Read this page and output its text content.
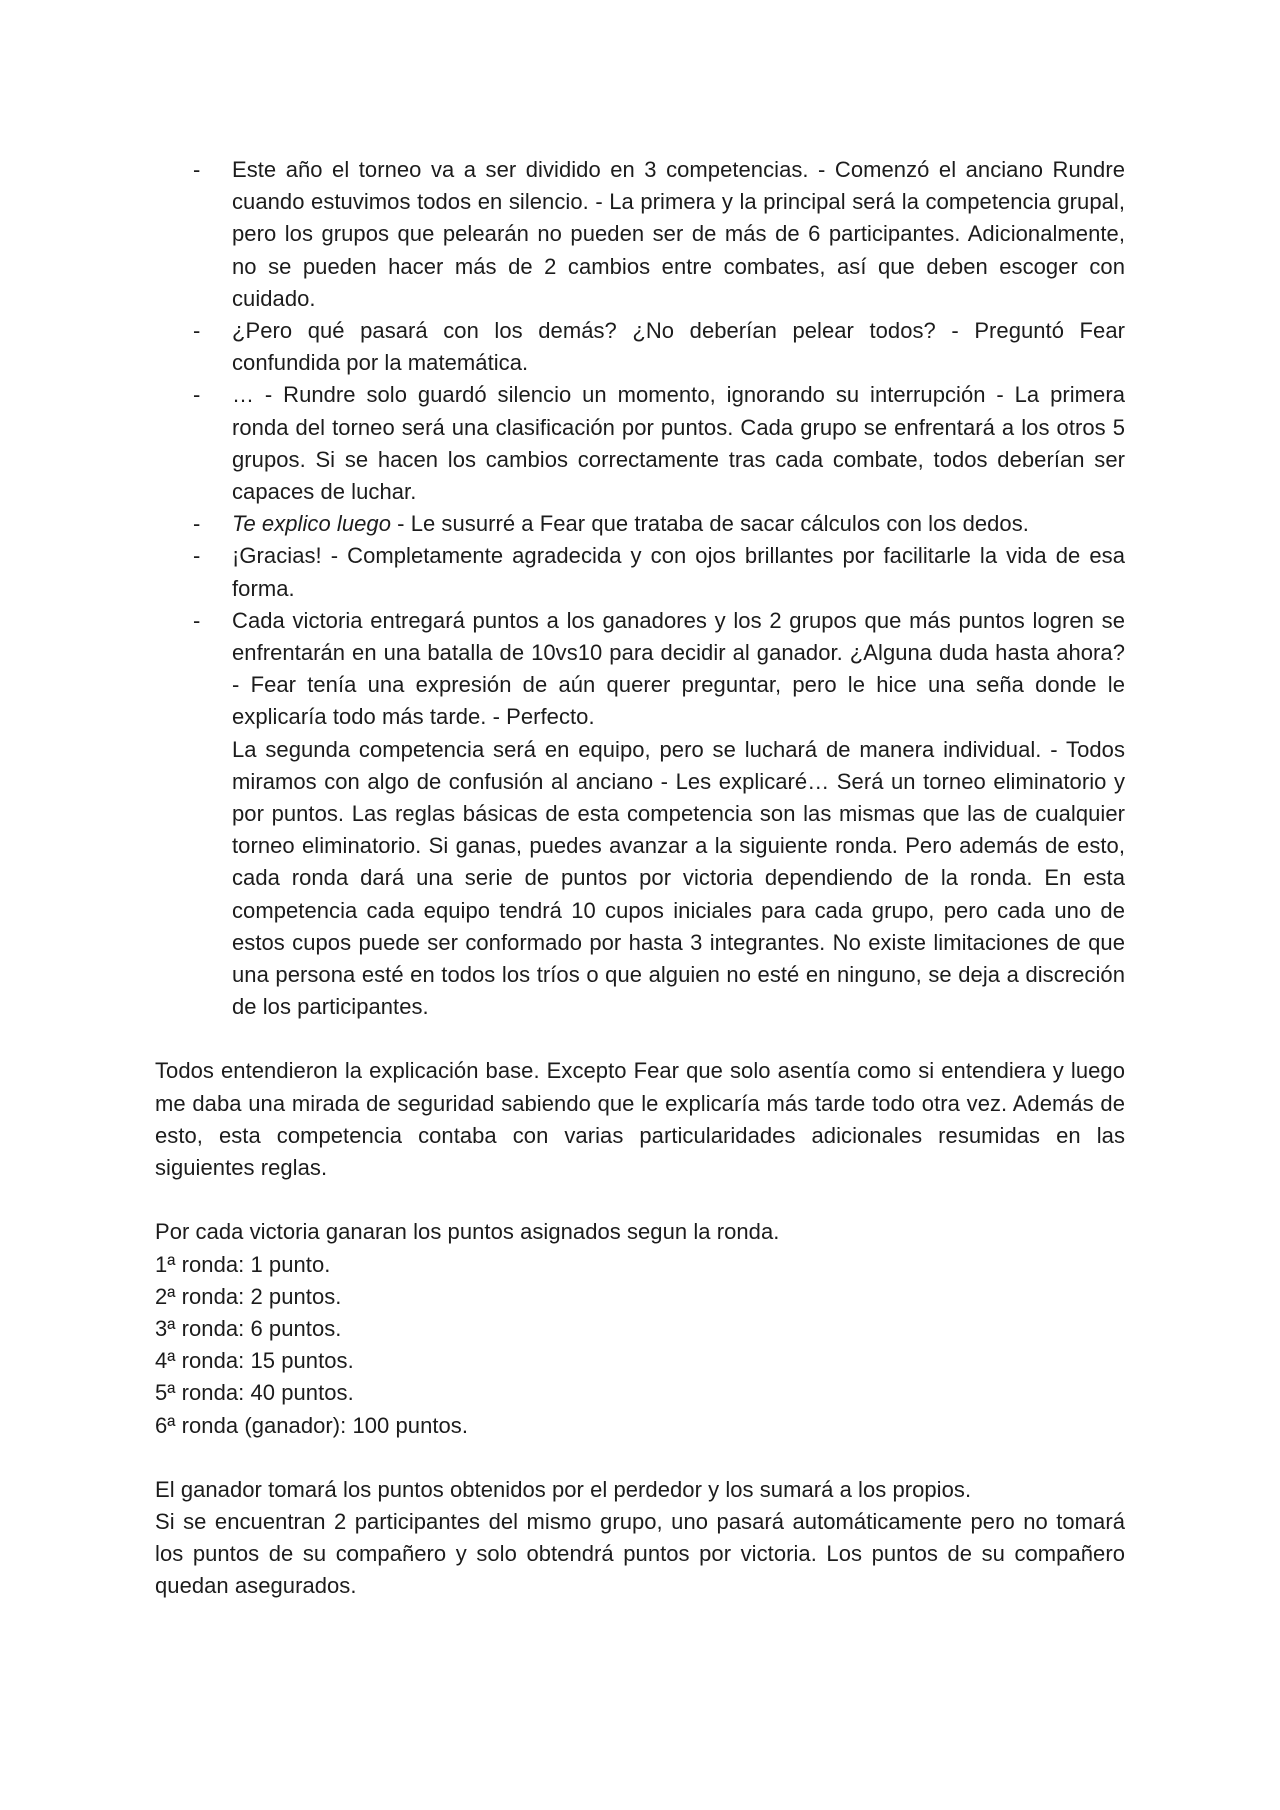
- Este año el torneo va a ser dividido en 3 competencias. - Comenzó el anciano Rundre cuando estuvimos todos en silencio. - La primera y la principal será la competencia grupal, pero los grupos que pelearán no pueden ser de más de 6 participantes. Adicionalmente, no se pueden hacer más de 2 cambios entre combates, así que deben escoger con cuidado.
- ¿Pero qué pasará con los demás? ¿No deberían pelear todos? - Preguntó Fear confundida por la matemática.
- … - Rundre solo guardó silencio un momento, ignorando su interrupción - La primera ronda del torneo será una clasificación por puntos. Cada grupo se enfrentará a los otros 5 grupos. Si se hacen los cambios correctamente tras cada combate, todos deberían ser capaces de luchar.
- Te explico luego - Le susurré a Fear que trataba de sacar cálculos con los dedos.
- ¡Gracias! - Completamente agradecida y con ojos brillantes por facilitarle la vida de esa forma.
- Cada victoria entregará puntos a los ganadores y los 2 grupos que más puntos logren se enfrentarán en una batalla de 10vs10 para decidir al ganador. ¿Alguna duda hasta ahora? - Fear tenía una expresión de aún querer preguntar, pero le hice una seña donde le explicaría todo más tarde. - Perfecto.
La segunda competencia será en equipo, pero se luchará de manera individual. - Todos miramos con algo de confusión al anciano - Les explicaré… Será un torneo eliminatorio y por puntos. Las reglas básicas de esta competencia son las mismas que las de cualquier torneo eliminatorio. Si ganas, puedes avanzar a la siguiente ronda. Pero además de esto, cada ronda dará una serie de puntos por victoria dependiendo de la ronda. En esta competencia cada equipo tendrá 10 cupos iniciales para cada grupo, pero cada uno de estos cupos puede ser conformado por hasta 3 integrantes. No existe limitaciones de que una persona esté en todos los tríos o que alguien no esté en ninguno, se deja a discreción de los participantes.

Todos entendieron la explicación base. Excepto Fear que solo asentía como si entendiera y luego me daba una mirada de seguridad sabiendo que le explicaría más tarde todo otra vez. Además de esto, esta competencia contaba con varias particularidades adicionales resumidas en las siguientes reglas.

Por cada victoria ganaran los puntos asignados segun la ronda.

1ª ronda: 1 punto.
2ª ronda: 2 puntos.
3ª ronda: 6 puntos.
4ª ronda: 15 puntos.
5ª ronda: 40 puntos.
6ª ronda (ganador): 100 puntos.

El ganador tomará los puntos obtenidos por el perdedor y los sumará a los propios.

Si se encuentran 2 participantes del mismo grupo, uno pasará automáticamente pero no tomará los puntos de su compañero y solo obtendrá puntos por victoria. Los puntos de su compañero quedan asegurados.
